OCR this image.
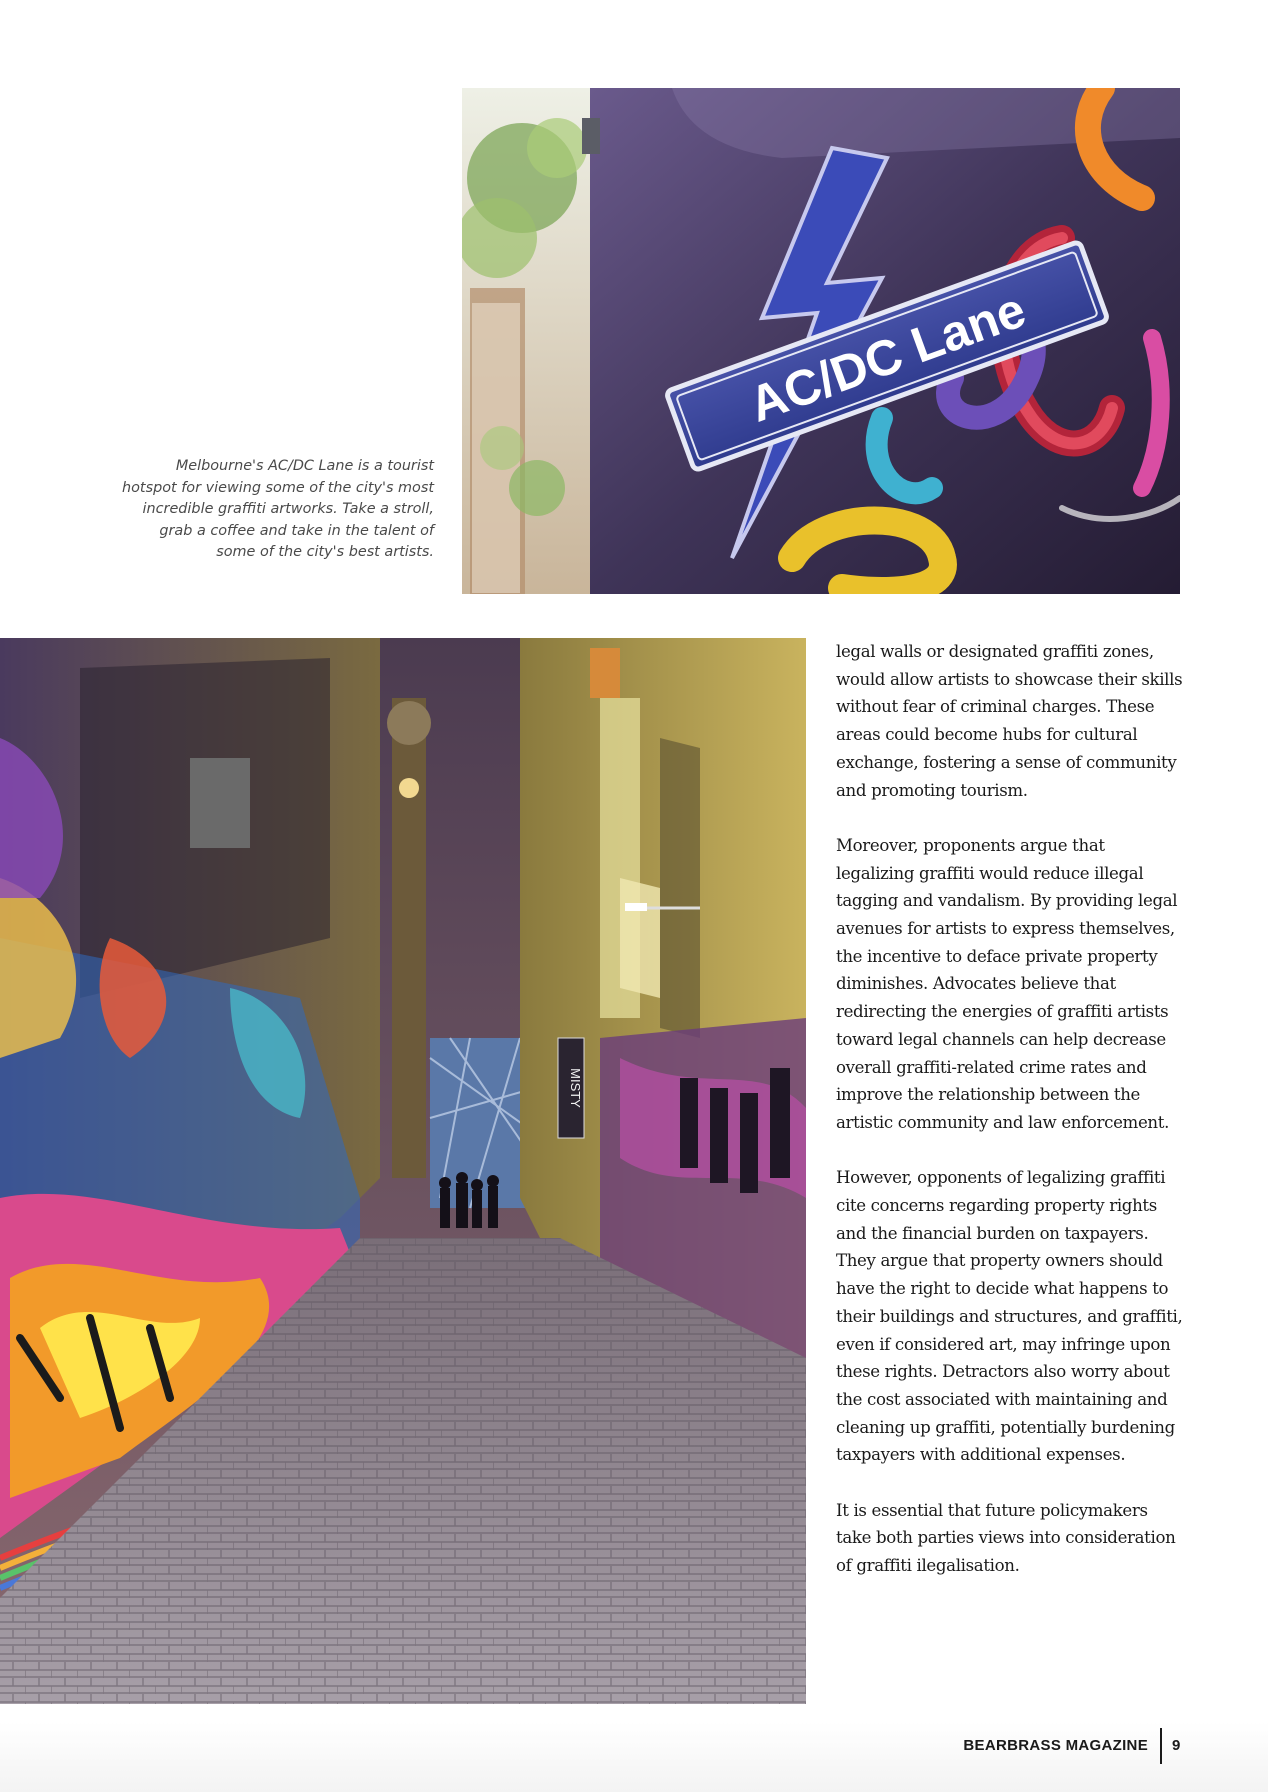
AC/DC Lane
Melbourne's AC/DC Lane is a tourist hotspot for viewing some of the city's most incredible graffiti artworks. Take a stroll, grab a coffee and take in the talent of some of the city's best artists.
MISTY

legal walls or designated graffiti zones, would allow artists to showcase their skills without fear of criminal charges. These areas could become hubs for cultural exchange, fostering a sense of community and promoting tourism.

Moreover, proponents argue that legalizing graffiti would reduce illegal tagging and vandalism. By providing legal avenues for artists to express themselves, the incentive to deface private property diminishes. Advocates believe that redirecting the energies of graffiti artists toward legal channels can help decrease overall graffiti-related crime rates and improve the relationship between the artistic community and law enforcement.

However, opponents of legalizing graffiti cite concerns regarding property rights and the financial burden on taxpayers. They argue that property owners should have the right to decide what happens to their buildings and structures, and graffiti, even if considered art, may infringe upon these rights. Detractors also worry about the cost associated with maintaining and cleaning up graffiti, potentially burdening taxpayers with additional expenses.

It is essential that future policymakers take both parties views into consideration of graffiti ilegalisation.

BEARBRASS MAGAZINE 9
